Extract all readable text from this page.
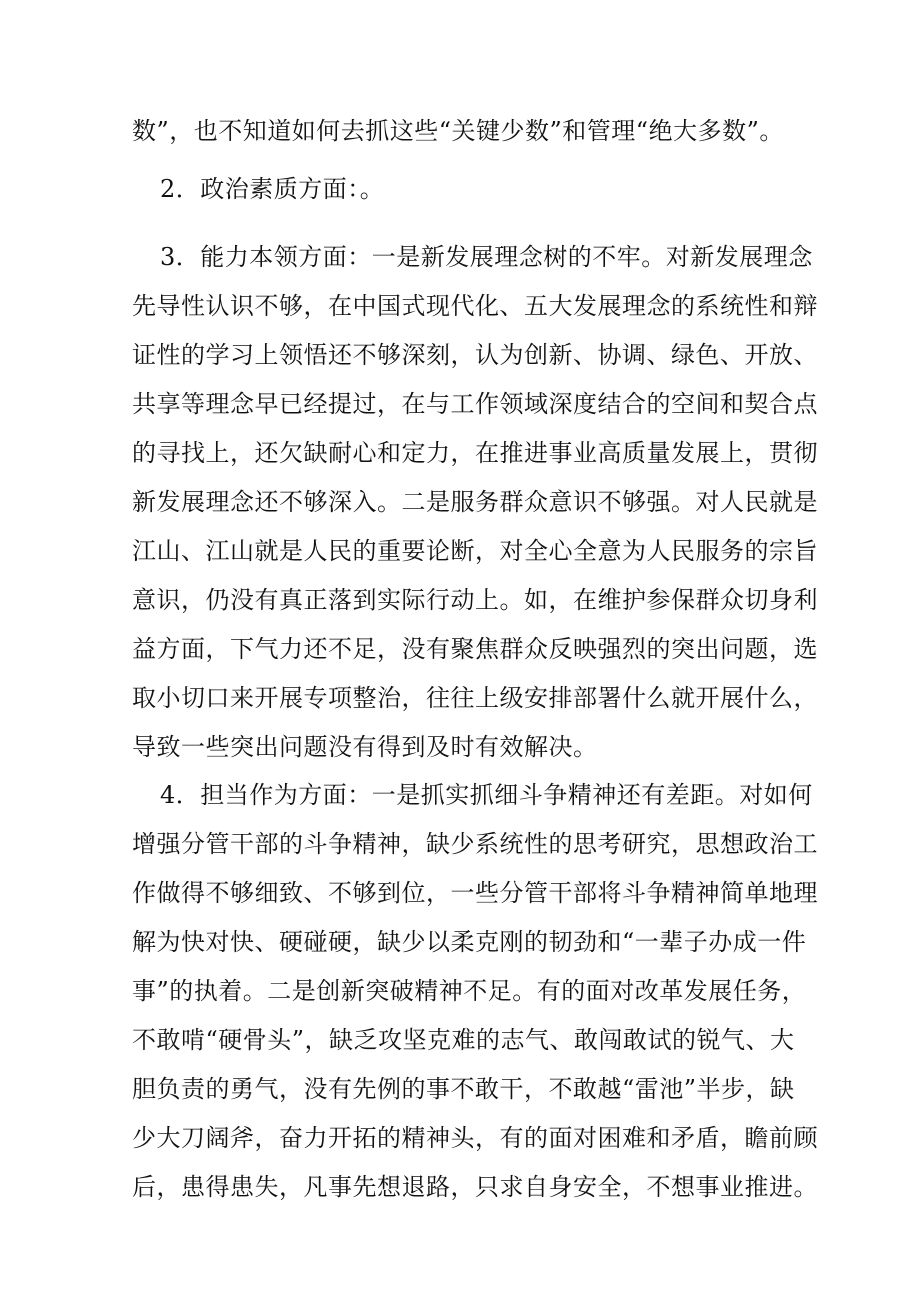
数”，也不知道如何去抓这些“关键少数”和管理“绝大多数”。
2．政治素质方面：。
3．能力本领方面：一是新发展理念树的不牢。对新发展理念
先导性认识不够，在中国式现代化、五大发展理念的系统性和辩
证性的学习上领悟还不够深刻，认为创新、协调、绿色、开放、
共享等理念早已经提过，在与工作领域深度结合的空间和契合点
的寻找上，还欠缺耐心和定力，在推进事业高质量发展上，贯彻
新发展理念还不够深入。二是服务群众意识不够强。对人民就是
江山、江山就是人民的重要论断，对全心全意为人民服务的宗旨
意识，仍没有真正落到实际行动上。如，在维护参保群众切身利
益方面，下气力还不足，没有聚焦群众反映强烈的突出问题，选
取小切口来开展专项整治，往往上级安排部署什么就开展什么，
导致一些突出问题没有得到及时有效解决。
4．担当作为方面：一是抓实抓细斗争精神还有差距。对如何
增强分管干部的斗争精神，缺少系统性的思考研究，思想政治工
作做得不够细致、不够到位，一些分管干部将斗争精神简单地理
解为快对快、硬碰硬，缺少以柔克刚的韧劲和“一辈子办成一件
事”的执着。二是创新突破精神不足。有的面对改革发展任务，
不敢啃“硬骨头”，缺乏攻坚克难的志气、敢闯敢试的锐气、大
胆负责的勇气，没有先例的事不敢干，不敢越“雷池”半步，缺
少大刀阔斧，奋力开拓的精神头，有的面对困难和矛盾，瞻前顾
后，患得患失，凡事先想退路，只求自身安全，不想事业推进。
